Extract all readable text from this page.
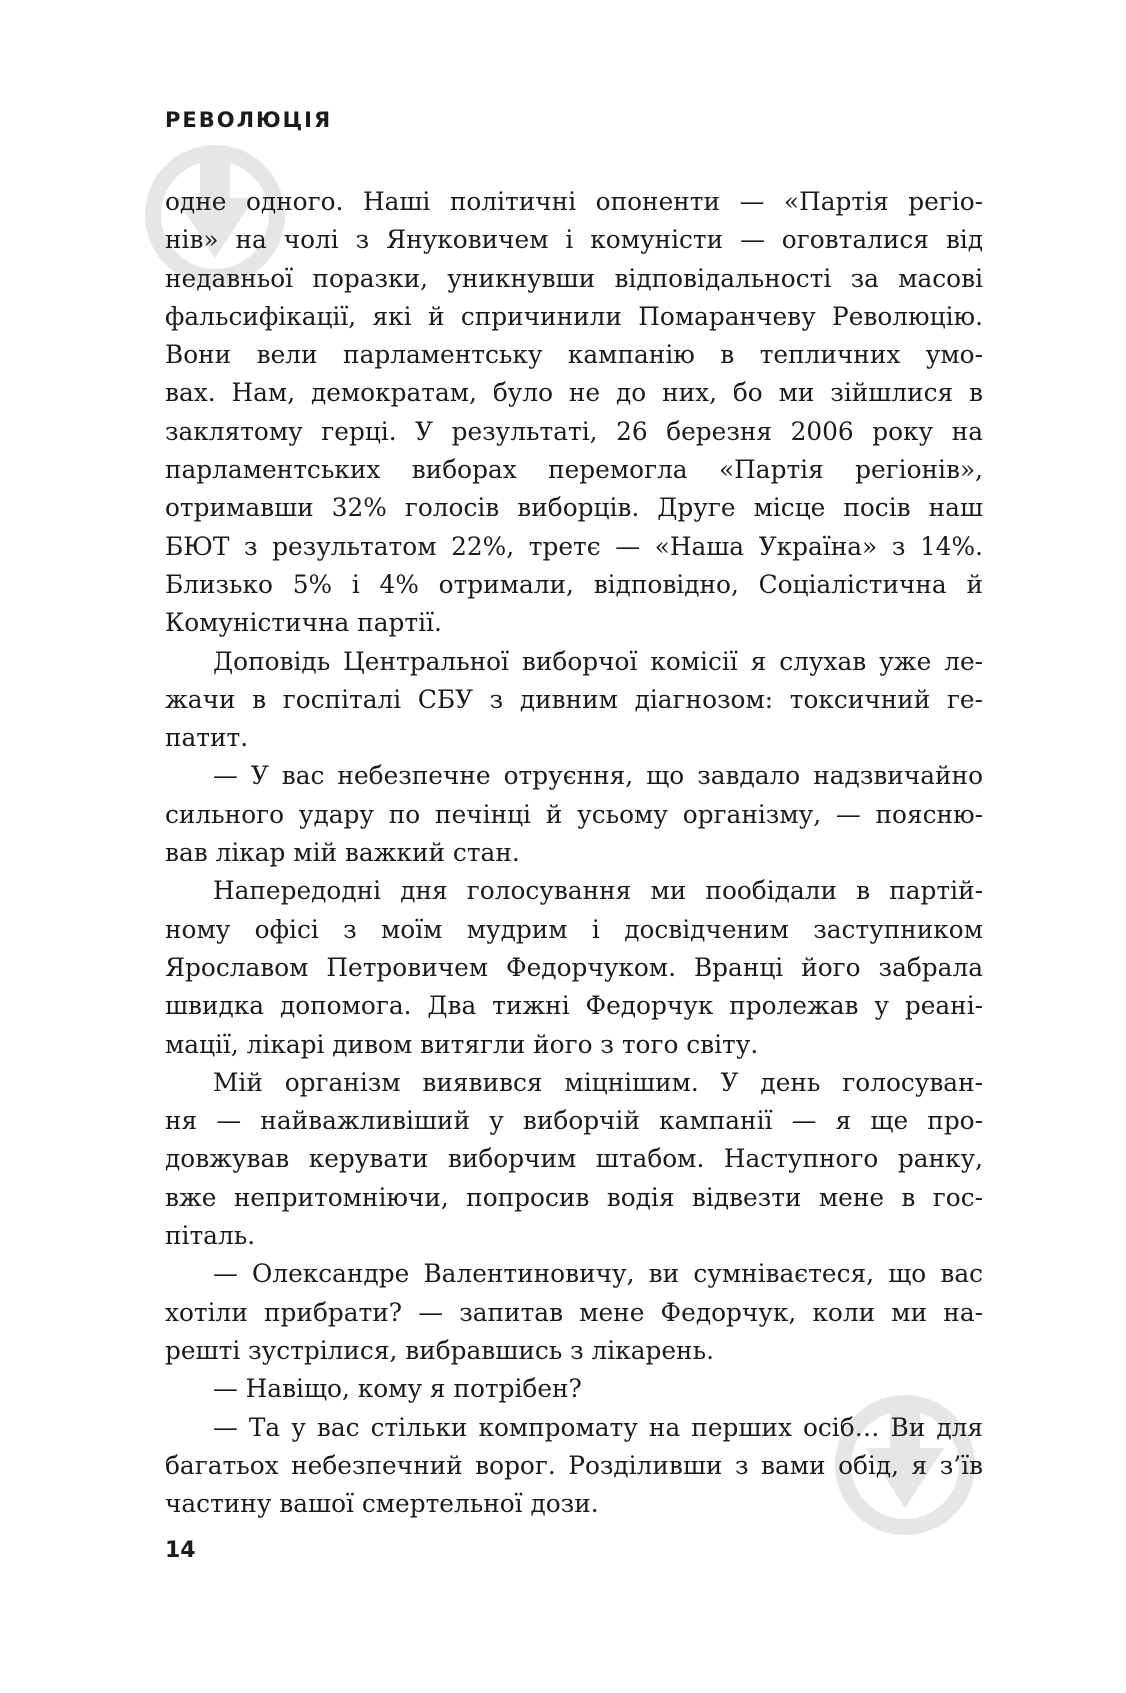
РЕВОЛЮЦІЯ
одне одного. Наші політичні опоненти — «Партія регіо-
нів» на чолі з Януковичем і комуністи — оговталися від
недавньої поразки, уникнувши відповідальності за масові
фальсифікації, які й спричинили Помаранчеву Революцію.
Вони вели парламентську кампанію в тепличних умо-
вах. Нам, демократам, було не до них, бо ми зійшлися в
заклятому герці. У результаті, 26 березня 2006 року на
парламентських виборах перемогла «Партія регіонів»,
отримавши 32% голосів виборців. Друге місце посів наш
БЮТ з результатом 22%, третє — «Наша Україна» з 14%.
Близько 5% і 4% отримали, відповідно, Соціалістична й
Комуністична партії.
Доповідь Центральної виборчої комісії я слухав уже ле-
жачи в госпіталі СБУ з дивним діагнозом: токсичний ге-
патит.
— У вас небезпечне отруєння, що завдало надзвичайно
сильного удару по печінці й усьому організму, — поясню-
вав лікар мій важкий стан.
Напередодні дня голосування ми пообідали в партій-
ному офісі з моїм мудрим і досвідченим заступником
Ярославом Петровичем Федорчуком. Вранці його забрала
швидка допомога. Два тижні Федорчук пролежав у реані-
мації, лікарі дивом витягли його з того світу.
Мій організм виявився міцнішим. У день голосуван-
ня — найважливіший у виборчій кампанії — я ще про-
довжував керувати виборчим штабом. Наступного ранку,
вже непритомніючи, попросив водія відвезти мене в гос-
піталь.
— Олександре Валентиновичу, ви сумніваєтеся, що вас
хотіли прибрати? — запитав мене Федорчук, коли ми на-
решті зустрілися, вибравшись з лікарень.
— Навіщо, кому я потрібен?
— Та у вас стільки компромату на перших осіб… Ви для
багатьох небезпечний ворог. Розділивши з вами обід, я з’їв
частину вашої смертельної дози.
14
